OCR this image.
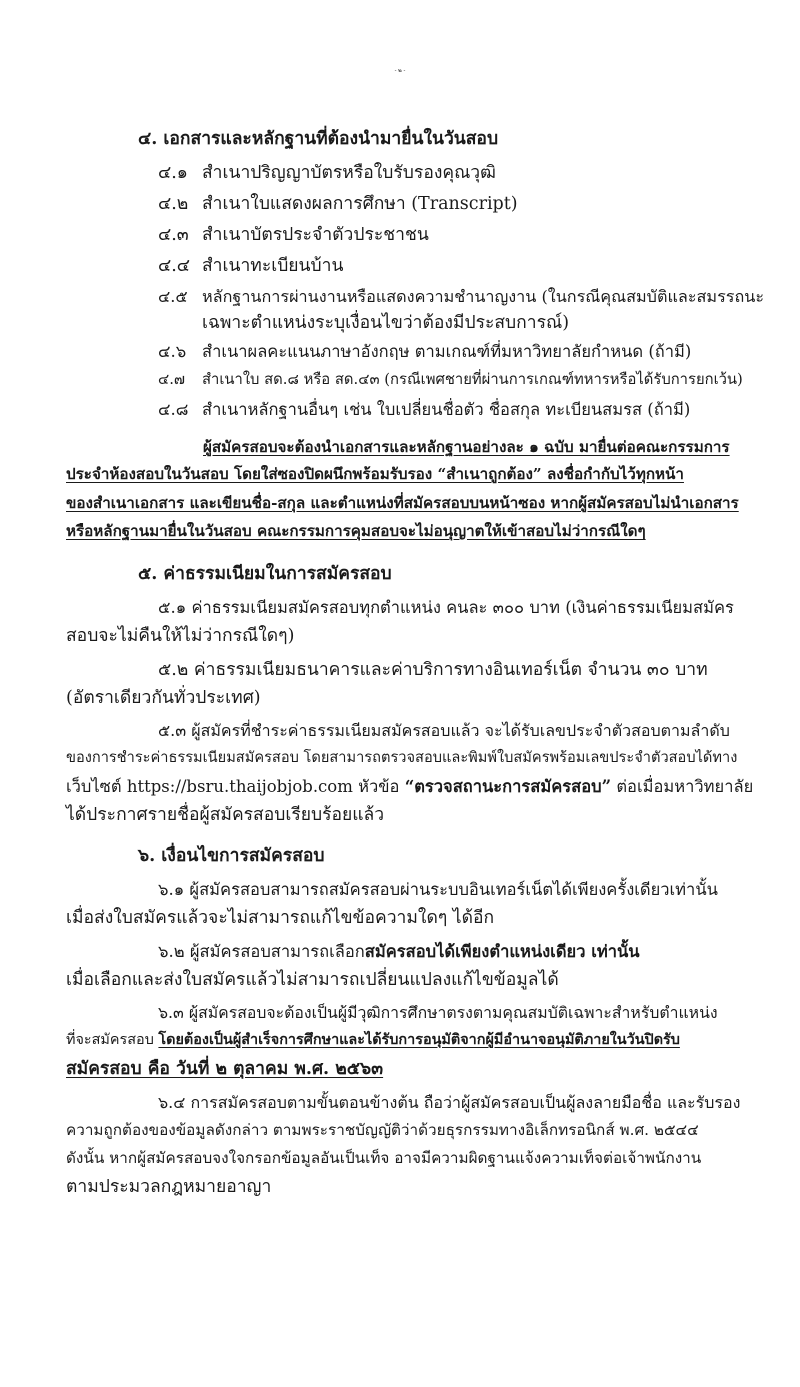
- ๒ -
๔. เอกสารและหลักฐานที่ต้องนำมายื่นในวันสอบ
๔.๑ สำเนาปริญญาบัตรหรือใบรับรองคุณวุฒิ
๔.๒ สำเนาใบแสดงผลการศึกษา (Transcript)
๔.๓ สำเนาบัตรประจำตัวประชาชน
๔.๔ สำเนาทะเบียนบ้าน
๔.๕ หลักฐานการผ่านงานหรือแสดงความชำนาญงาน (ในกรณีคุณสมบัติและสมรรถนะ
เฉพาะตำแหน่งระบุเงื่อนไขว่าต้องมีประสบการณ์)
๔.๖ สำเนาผลคะแนนภาษาอังกฤษ ตามเกณฑ์ที่มหาวิทยาลัยกำหนด (ถ้ามี)
๔.๗ สำเนาใบ สด.๘ หรือ สด.๔๓ (กรณีเพศชายที่ผ่านการเกณฑ์ทหารหรือได้รับการยกเว้น)
๔.๘ สำเนาหลักฐานอื่นๆ เช่น ใบเปลี่ยนชื่อตัว ชื่อสกุล ทะเบียนสมรส (ถ้ามี)
ผู้สมัครสอบจะต้องนำเอกสารและหลักฐานอย่างละ ๑ ฉบับ มายื่นต่อคณะกรรมการ
ประจำห้องสอบในวันสอบ โดยใส่ซองปิดผนึกพร้อมรับรอง “สำเนาถูกต้อง” ลงชื่อกำกับไว้ทุกหน้า
ของสำเนาเอกสาร และเขียนชื่อ-สกุล และตำแหน่งที่สมัครสอบบนหน้าซอง หากผู้สมัครสอบไม่นำเอกสาร
หรือหลักฐานมายื่นในวันสอบ คณะกรรมการคุมสอบจะไม่อนุญาตให้เข้าสอบไม่ว่ากรณีใดๆ
๕. ค่าธรรมเนียมในการสมัครสอบ
๕.๑ ค่าธรรมเนียมสมัครสอบทุกตำแหน่ง คนละ ๓๐๐ บาท (เงินค่าธรรมเนียมสมัคร
สอบจะไม่คืนให้ไม่ว่ากรณีใดๆ)
๕.๒ ค่าธรรมเนียมธนาคารและค่าบริการทางอินเทอร์เน็ต จำนวน ๓๐ บาท
(อัตราเดียวกันทั่วประเทศ)
๕.๓ ผู้สมัครที่ชำระค่าธรรมเนียมสมัครสอบแล้ว จะได้รับเลขประจำตัวสอบตามลำดับ
ของการชำระค่าธรรมเนียมสมัครสอบ โดยสามารถตรวจสอบและพิมพ์ใบสมัครพร้อมเลขประจำตัวสอบได้ทาง
เว็บไซต์ https://bsru.thaijobjob.com หัวข้อ “ตรวจสถานะการสมัครสอบ” ต่อเมื่อมหาวิทยาลัย
ได้ประกาศรายชื่อผู้สมัครสอบเรียบร้อยแล้ว
๖. เงื่อนไขการสมัครสอบ
๖.๑ ผู้สมัครสอบสามารถสมัครสอบผ่านระบบอินเทอร์เน็ตได้เพียงครั้งเดียวเท่านั้น
เมื่อส่งใบสมัครแล้วจะไม่สามารถแก้ไขข้อความใดๆ ได้อีก
๖.๒ ผู้สมัครสอบสามารถเลือกสมัครสอบได้เพียงตำแหน่งเดียว เท่านั้น
เมื่อเลือกและส่งใบสมัครแล้วไม่สามารถเปลี่ยนแปลงแก้ไขข้อมูลได้
๖.๓ ผู้สมัครสอบจะต้องเป็นผู้มีวุฒิการศึกษาตรงตามคุณสมบัติเฉพาะสำหรับตำแหน่ง
ที่จะสมัครสอบ โดยต้องเป็นผู้สำเร็จการศึกษาและได้รับการอนุมัติจากผู้มีอำนาจอนุมัติภายในวันปิดรับ
สมัครสอบ คือ วันที่ ๒ ตุลาคม พ.ศ. ๒๕๖๓
๖.๔ การสมัครสอบตามขั้นตอนข้างต้น ถือว่าผู้สมัครสอบเป็นผู้ลงลายมือชื่อ และรับรอง
ความถูกต้องของข้อมูลดังกล่าว ตามพระราชบัญญัติว่าด้วยธุรกรรมทางอิเล็กทรอนิกส์ พ.ศ. ๒๕๔๔
ดังนั้น หากผู้สมัครสอบจงใจกรอกข้อมูลอันเป็นเท็จ อาจมีความผิดฐานแจ้งความเท็จต่อเจ้าพนักงาน
ตามประมวลกฎหมายอาญา
